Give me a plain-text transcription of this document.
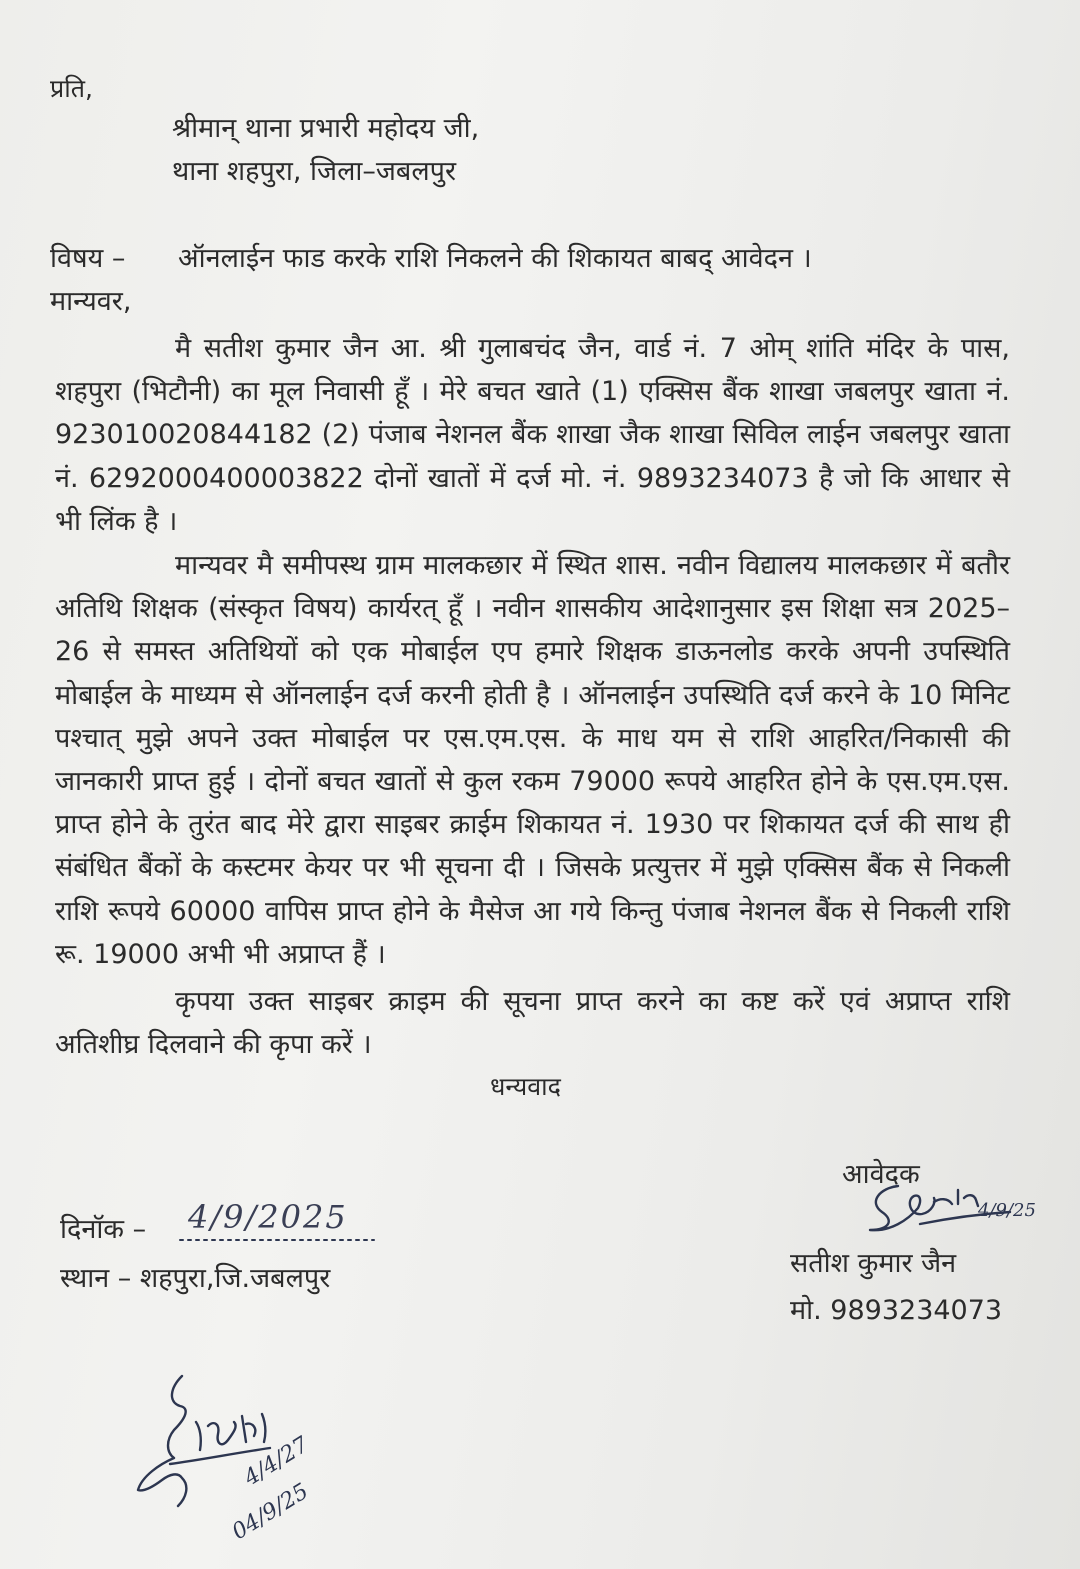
प्रति,
श्रीमान् थाना प्रभारी महोदय जी,
थाना शहपुरा, जिला–जबलपुर
विषय – ऑनलाईन फाड करके राशि निकलने की शिकायत बाबद् आवेदन ।
मान्यवर,
मै सतीश कुमार जैन आ. श्री गुलाबचंद जैन, वार्ड नं. 7 ओम् शांति मंदिर के पास, शहपुरा (भिटौनी) का मूल निवासी हूँ । मेरे बचत खाते (1) एक्सिस बैंक शाखा जबलपुर खाता नं. 923010020844182 (2) पंजाब नेशनल बैंक शाखा जैक शाखा सिविल लाईन जबलपुर खाता नं. 6292000400003822 दोनों खातों में दर्ज मो. नं. 9893234073 है जो कि आधार से भी लिंक है ।
मान्यवर मै समीपस्थ ग्राम मालकछार में स्थित शास. नवीन विद्यालय मालकछार में बतौर अतिथि शिक्षक (संस्कृत विषय) कार्यरत् हूँ । नवीन शासकीय आदेशानुसार इस शिक्षा सत्र 2025–26 से समस्त अतिथियों को एक मोबाईल एप हमारे शिक्षक डाऊनलोड करके अपनी उपस्थिति मोबाईल के माध्यम से ऑनलाईन दर्ज करनी होती है । ऑनलाईन उपस्थिति दर्ज करने के 10 मिनिट पश्चात् मुझे अपने उक्त मोबाईल पर एस.एम.एस. के माध यम से राशि आहरित/निकासी की जानकारी प्राप्त हुई । दोनों बचत खातों से कुल रकम 79000 रूपये आहरित होने के एस.एम.एस. प्राप्त होने के तुरंत बाद मेरे द्वारा साइबर क्राईम शिकायत नं. 1930 पर शिकायत दर्ज की साथ ही संबंधित बैंकों के कस्टमर केयर पर भी सूचना दी । जिसके प्रत्युत्तर में मुझे एक्सिस बैंक से निकली राशि रूपये 60000 वापिस प्राप्त होने के मैसेज आ गये किन्तु पंजाब नेशनल बैंक से निकली राशि रू. 19000 अभी भी अप्राप्त हैं ।
कृपया उक्त साइबर क्राइम की सूचना प्राप्त करने का कष्ट करें एवं अप्राप्त राशि अतिशीघ्र दिलवाने की कृपा करें ।
धन्यवाद
आवेदक
4/9/25
सतीश कुमार जैन
मो. 9893234073
दिनॉक – 4/9/2025
स्थान – शहपुरा,जि.जबलपुर
4/4/27
04/9/25
